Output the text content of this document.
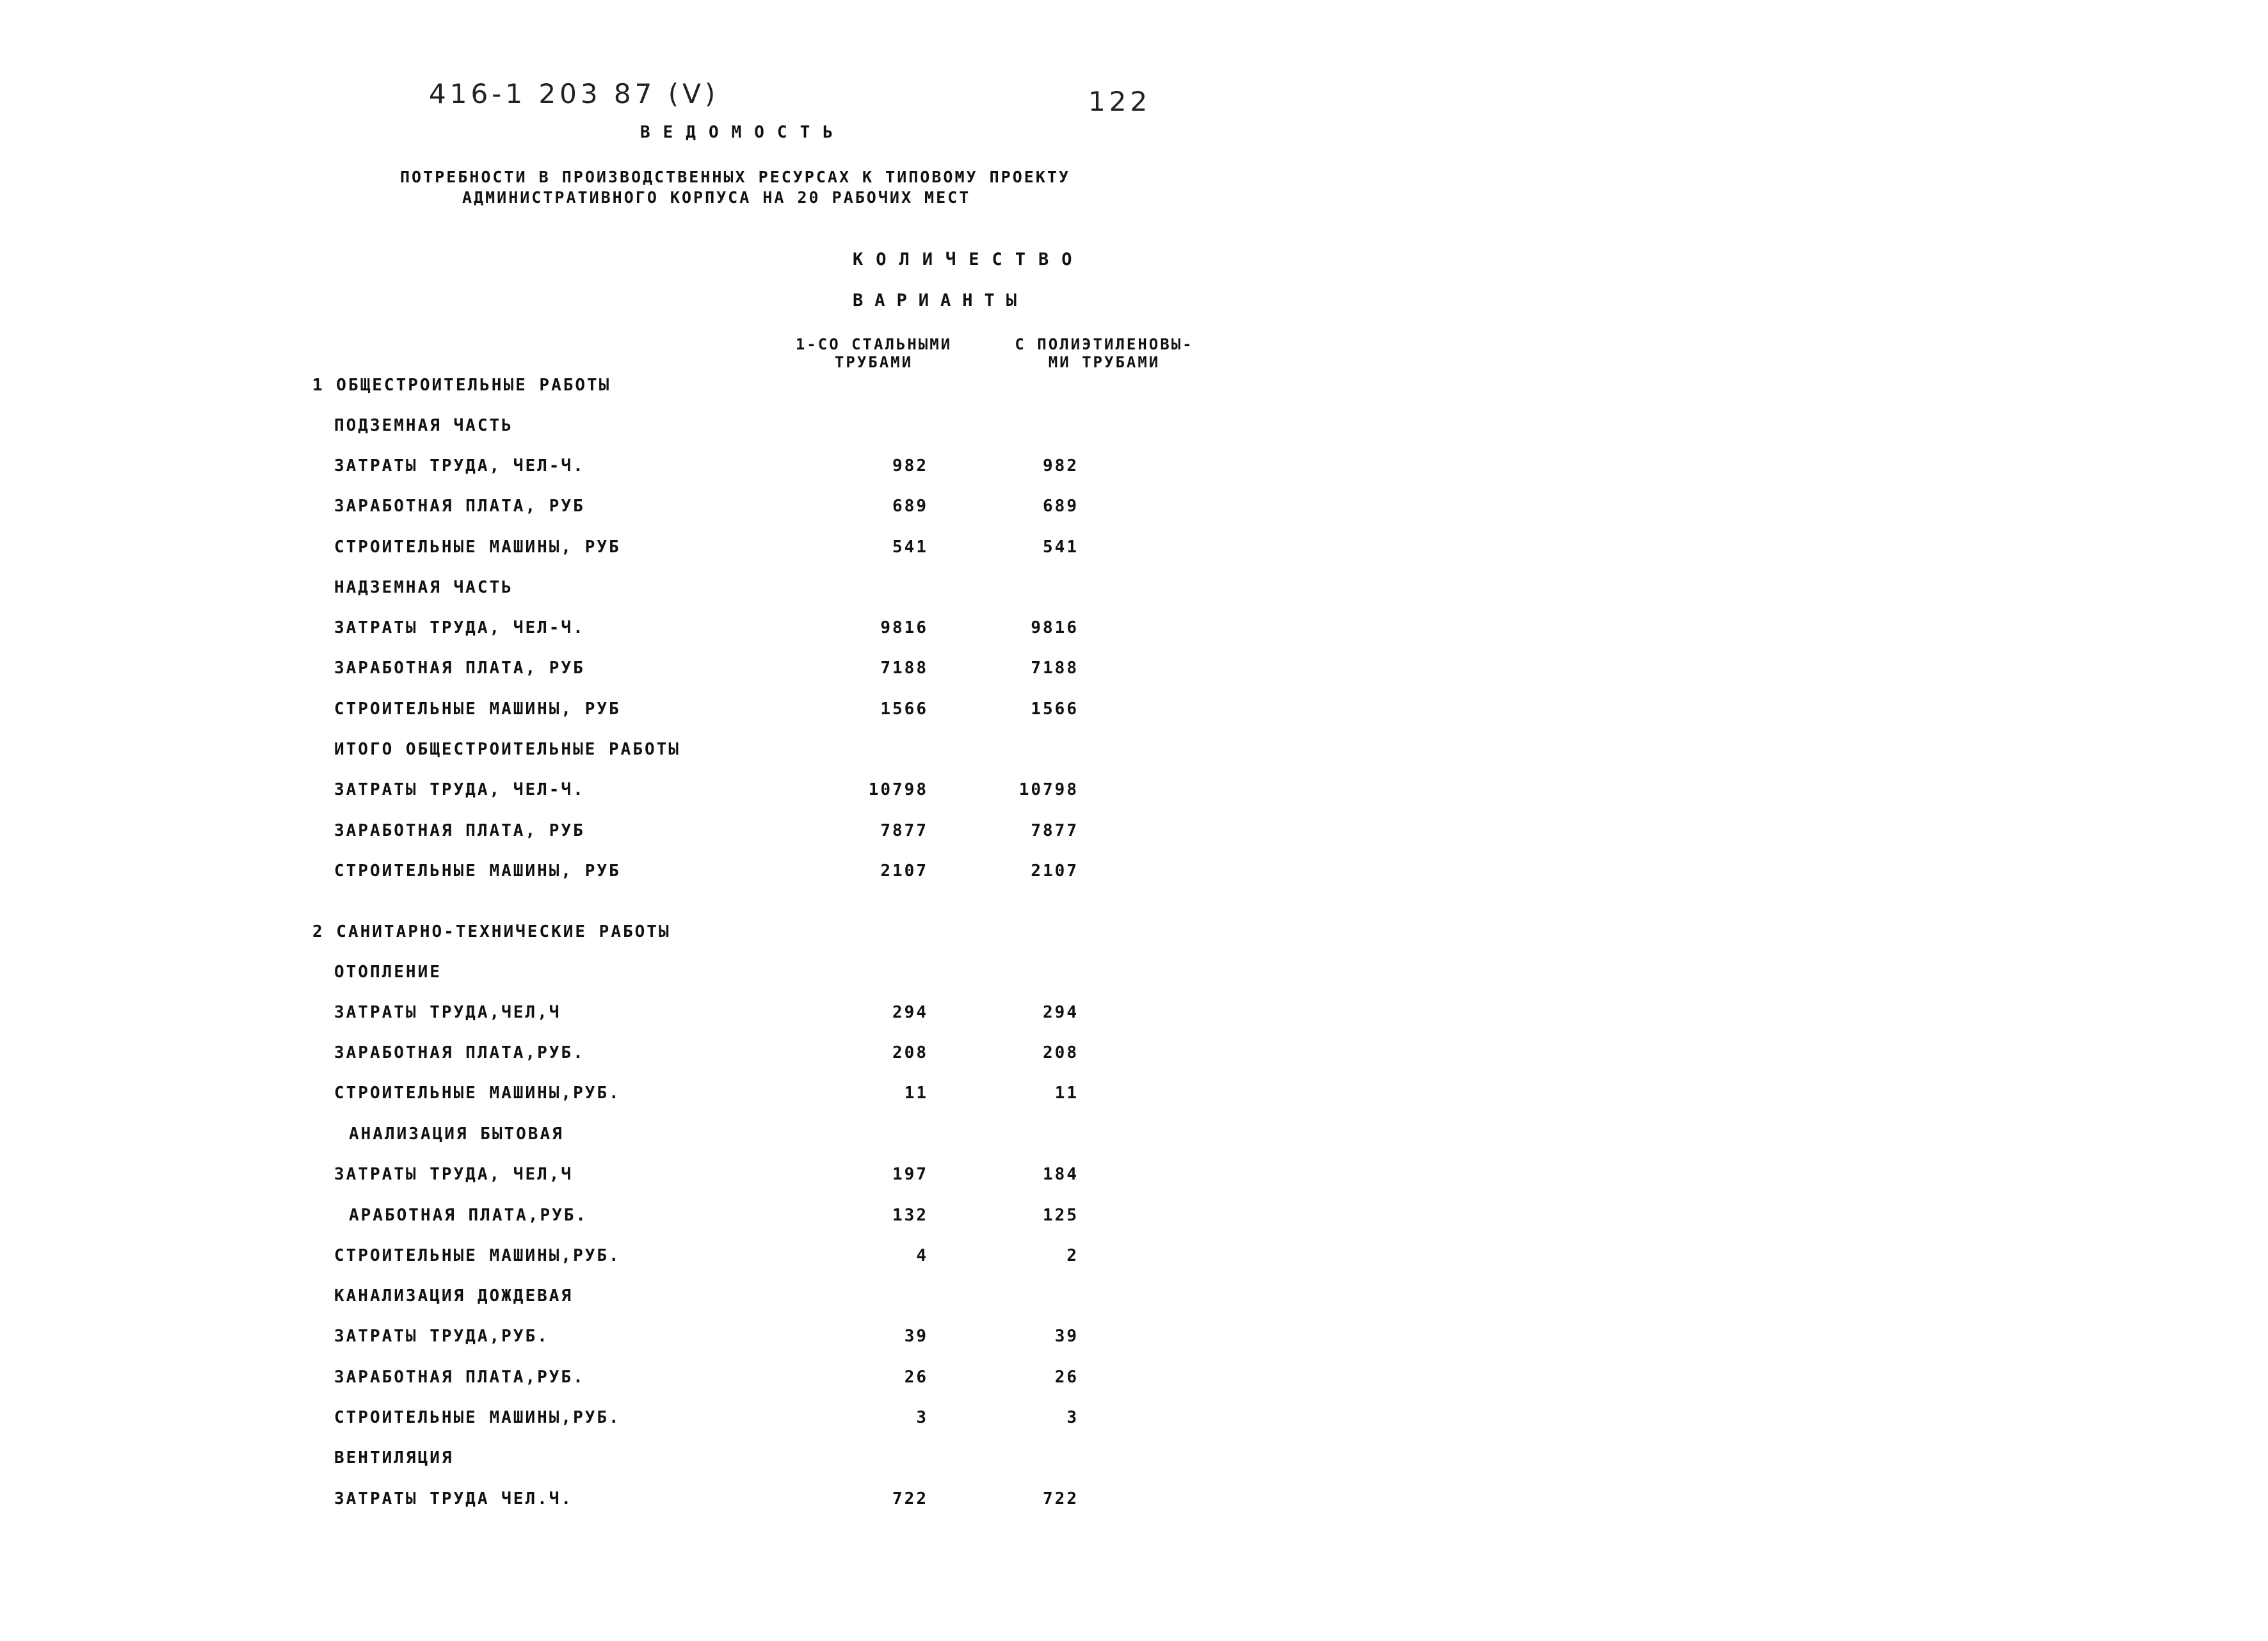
416-1 203 87 (V)	122
ВЕДОМОСТЬ
ПОТРЕБНОСТИ В ПРОИЗВОДСТВЕННЫХ РЕСУРСАХ К ТИПОВОМУ ПРОЕКТУ
АДМИНИСТРАТИВНОГО КОРПУСА НА 20 РАБОЧИХ МЕСТ
КОЛИЧЕСТВО
ВАРИАНТЫ
1-СО СТАЛЬНЫМИ
ТРУБАМИ
С ПОЛИЭТИЛЕНОВЫ-
МИ ТРУБАМИ
1 ОБЩЕСТРОИТЕЛЬНЫЕ РАБОТЫ
ПОДЗЕМНАЯ ЧАСТЬ
ЗАТРАТЫ ТРУДА, ЧЕЛ-Ч.	982	982
ЗАРАБОТНАЯ ПЛАТА, РУБ	689	689
СТРОИТЕЛЬНЫЕ МАШИНЫ, РУБ	541	541
НАДЗЕМНАЯ ЧАСТЬ
ЗАТРАТЫ ТРУДА, ЧЕЛ-Ч.	9816	9816
ЗАРАБОТНАЯ ПЛАТА, РУБ	7188	7188
СТРОИТЕЛЬНЫЕ МАШИНЫ, РУБ	1566	1566
ИТОГО ОБЩЕСТРОИТЕЛЬНЫЕ РАБОТЫ
ЗАТРАТЫ ТРУДА, ЧЕЛ-Ч.	10798	10798
ЗАРАБОТНАЯ ПЛАТА, РУБ	7877	7877
СТРОИТЕЛЬНЫЕ МАШИНЫ, РУБ	2107	2107
2 САНИТАРНО-ТЕХНИЧЕСКИЕ РАБОТЫ
ОТОПЛЕНИЕ
ЗАТРАТЫ ТРУДА,ЧЕЛ,Ч	294	294
ЗАРАБОТНАЯ ПЛАТА,РУБ.	208	208
СТРОИТЕЛЬНЫЕ МАШИНЫ,РУБ.	11	11
АНАЛИЗАЦИЯ БЫТОВАЯ
ЗАТРАТЫ ТРУДА, ЧЕЛ,Ч	197	184
АРАБОТНАЯ ПЛАТА,РУБ.	132	125
СТРОИТЕЛЬНЫЕ МАШИНЫ,РУБ.	4	2
КАНАЛИЗАЦИЯ ДОЖДЕВАЯ
ЗАТРАТЫ ТРУДА,РУБ.	39	39
ЗАРАБОТНАЯ ПЛАТА,РУБ.	26	26
СТРОИТЕЛЬНЫЕ МАШИНЫ,РУБ.	3	3
ВЕНТИЛЯЦИЯ
ЗАТРАТЫ ТРУДА ЧЕЛ.Ч.	722	722
